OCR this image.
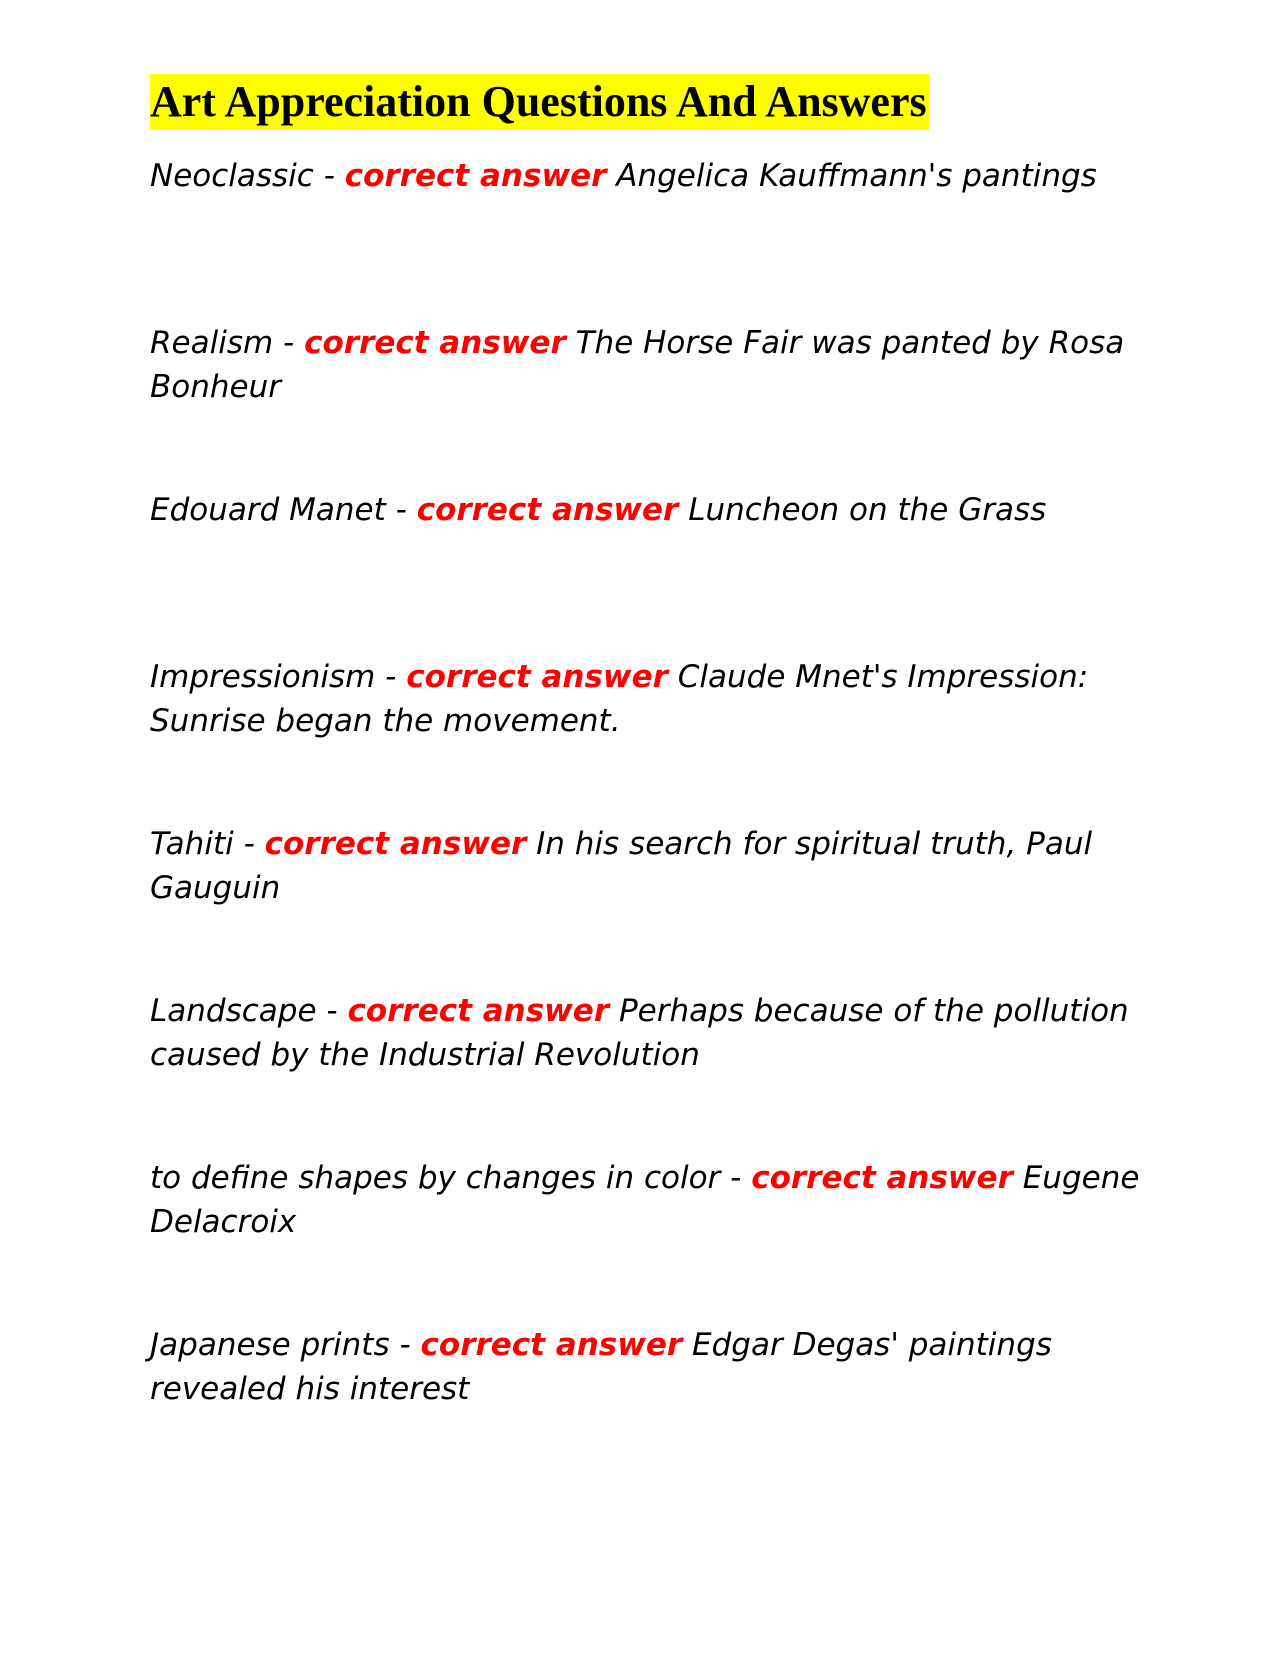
Art Appreciation Questions And Answers

Neoclassic - correct answer Angelica Kauffmann's pantings

Realism - correct answer The Horse Fair was panted by Rosa Bonheur

Edouard Manet - correct answer Luncheon on the Grass

Impressionism - correct answer Claude Mnet's Impression: Sunrise began the movement.

Tahiti - correct answer In his search for spiritual truth, Paul Gauguin

Landscape - correct answer Perhaps because of the pollution caused by the Industrial Revolution

to define shapes by changes in color - correct answer Eugene Delacroix

Japanese prints - correct answer Edgar Degas' paintings revealed his interest
